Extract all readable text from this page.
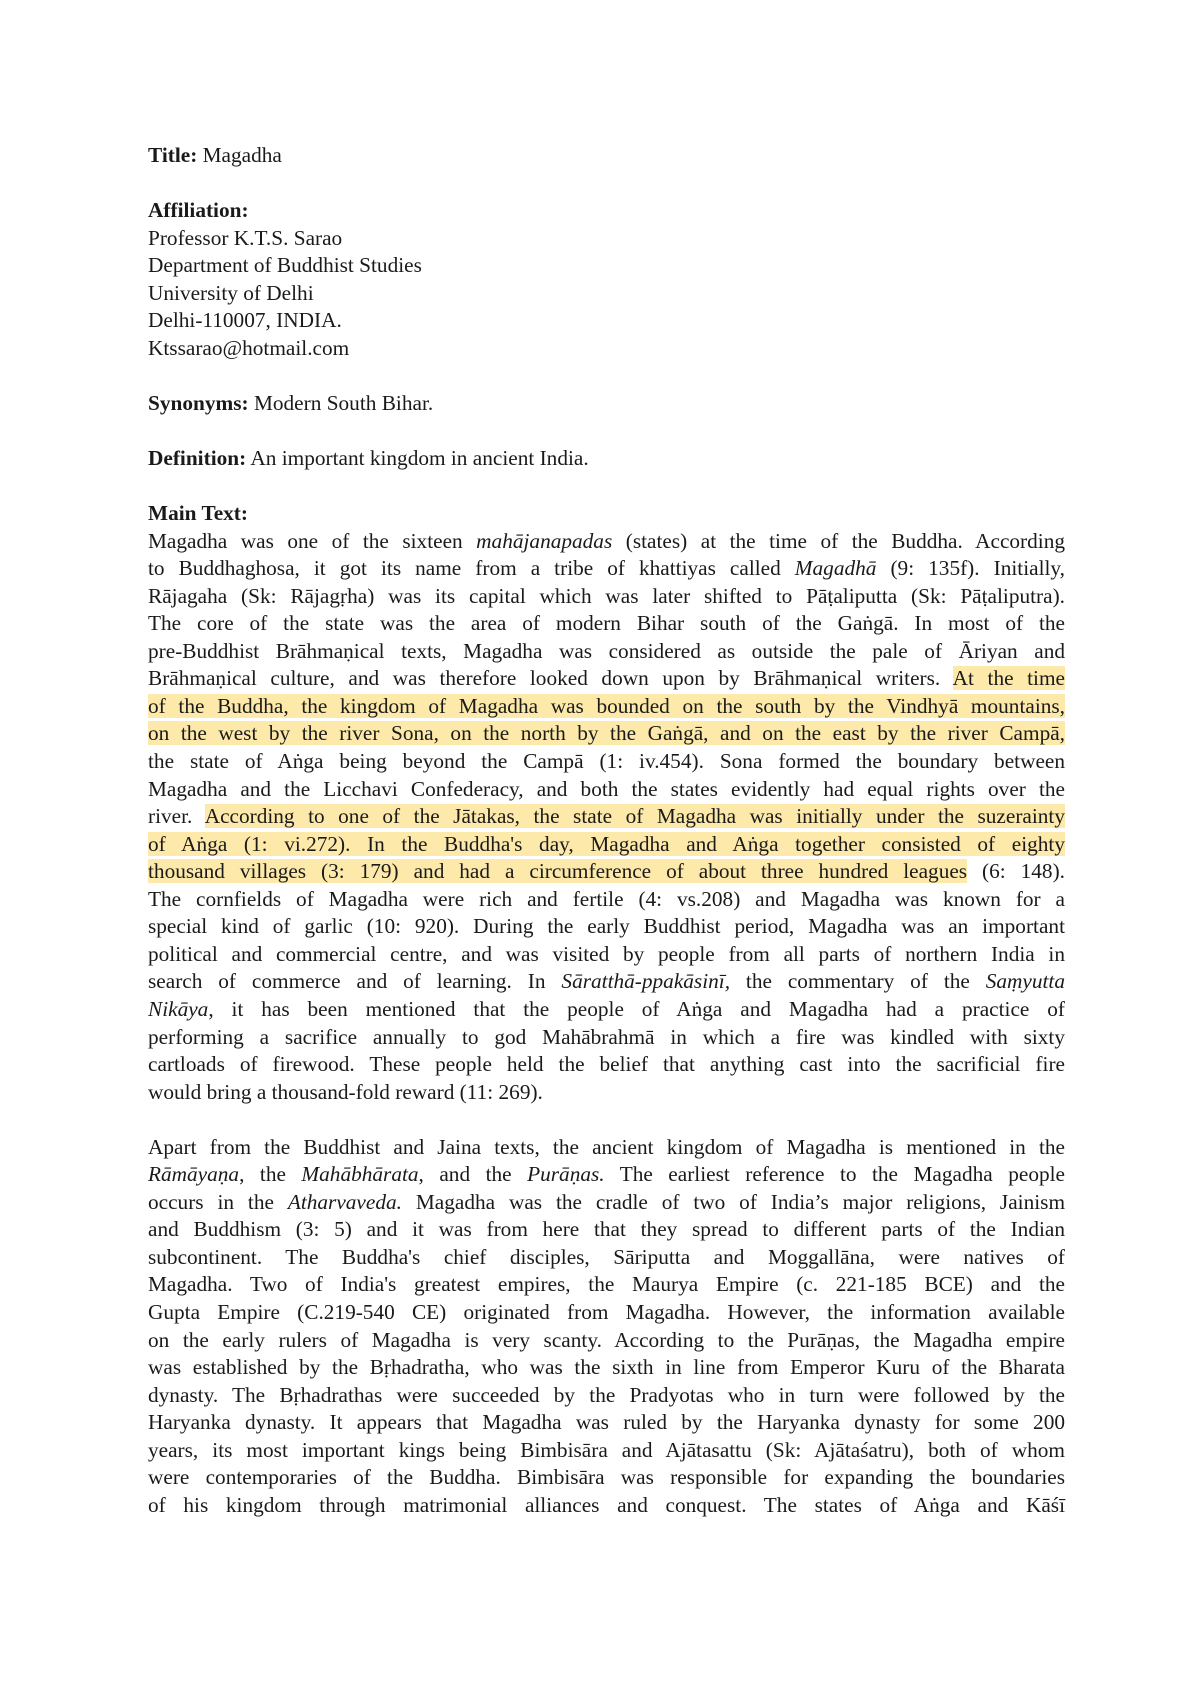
Title: Magadha
Affiliation:
Professor K.T.S. Sarao
Department of Buddhist Studies
University of Delhi
Delhi-110007, INDIA.
Ktssarao@hotmail.com
Synonyms: Modern South Bihar.
Definition: An important kingdom in ancient India.
Main Text:
Magadha was one of the sixteen mahājanapadas (states) at the time of the Buddha. According
to Buddhaghosa, it got its name from a tribe of khattiyas called Magadhā (9: 135f). Initially,
Rājagaha (Sk: Rājagṛha) was its capital which was later shifted to Pāṭaliputta (Sk: Pāṭaliputra).
The core of the state was the area of modern Bihar south of the Gaṅgā. In most of the
pre-Buddhist Brāhmaṇical texts, Magadha was considered as outside the pale of Āriyan and
Brāhmaṇical culture, and was therefore looked down upon by Brāhmaṇical writers. At the time
of the Buddha, the kingdom of Magadha was bounded on the south by the Vindhyā mountains,
on the west by the river Sona, on the north by the Gaṅgā, and on the east by the river Campā,
the state of Aṅga being beyond the Campā (1: iv.454). Sona formed the boundary between
Magadha and the Licchavi Confederacy, and both the states evidently had equal rights over the
river. According to one of the Jātakas, the state of Magadha was initially under the suzerainty
of Aṅga (1: vi.272). In the Buddha's day, Magadha and Aṅga together consisted of eighty
thousand villages (3: 179) and had a circumference of about three hundred leagues (6: 148).
The cornfields of Magadha were rich and fertile (4: vs.208) and Magadha was known for a
special kind of garlic (10: 920). During the early Buddhist period, Magadha was an important
political and commercial centre, and was visited by people from all parts of northern India in
search of commerce and of learning. In Sāratthā-ppakāsinī, the commentary of the Saṃyutta
Nikāya, it has been mentioned that the people of Aṅga and Magadha had a practice of
performing a sacrifice annually to god Mahābrahmā in which a fire was kindled with sixty
cartloads of firewood. These people held the belief that anything cast into the sacrificial fire
would bring a thousand-fold reward (11: 269).
Apart from the Buddhist and Jaina texts, the ancient kingdom of Magadha is mentioned in the
Rāmāyaṇa, the Mahābhārata, and the Purāṇas. The earliest reference to the Magadha people
occurs in the Atharvaveda. Magadha was the cradle of two of India’s major religions, Jainism
and Buddhism (3: 5) and it was from here that they spread to different parts of the Indian
subcontinent. The Buddha's chief disciples, Sāriputta and Moggallāna, were natives of
Magadha. Two of India's greatest empires, the Maurya Empire (c. 221-185 BCE) and the
Gupta Empire (C.219-540 CE) originated from Magadha. However, the information available
on the early rulers of Magadha is very scanty. According to the Purāṇas, the Magadha empire
was established by the Bṛhadratha, who was the sixth in line from Emperor Kuru of the Bharata
dynasty. The Bṛhadrathas were succeeded by the Pradyotas who in turn were followed by the
Haryanka dynasty. It appears that Magadha was ruled by the Haryanka dynasty for some 200
years, its most important kings being Bimbisāra and Ajātasattu (Sk: Ajātaśatru), both of whom
were contemporaries of the Buddha. Bimbisāra was responsible for expanding the boundaries
of his kingdom through matrimonial alliances and conquest. The states of Aṅga and Kāśī
